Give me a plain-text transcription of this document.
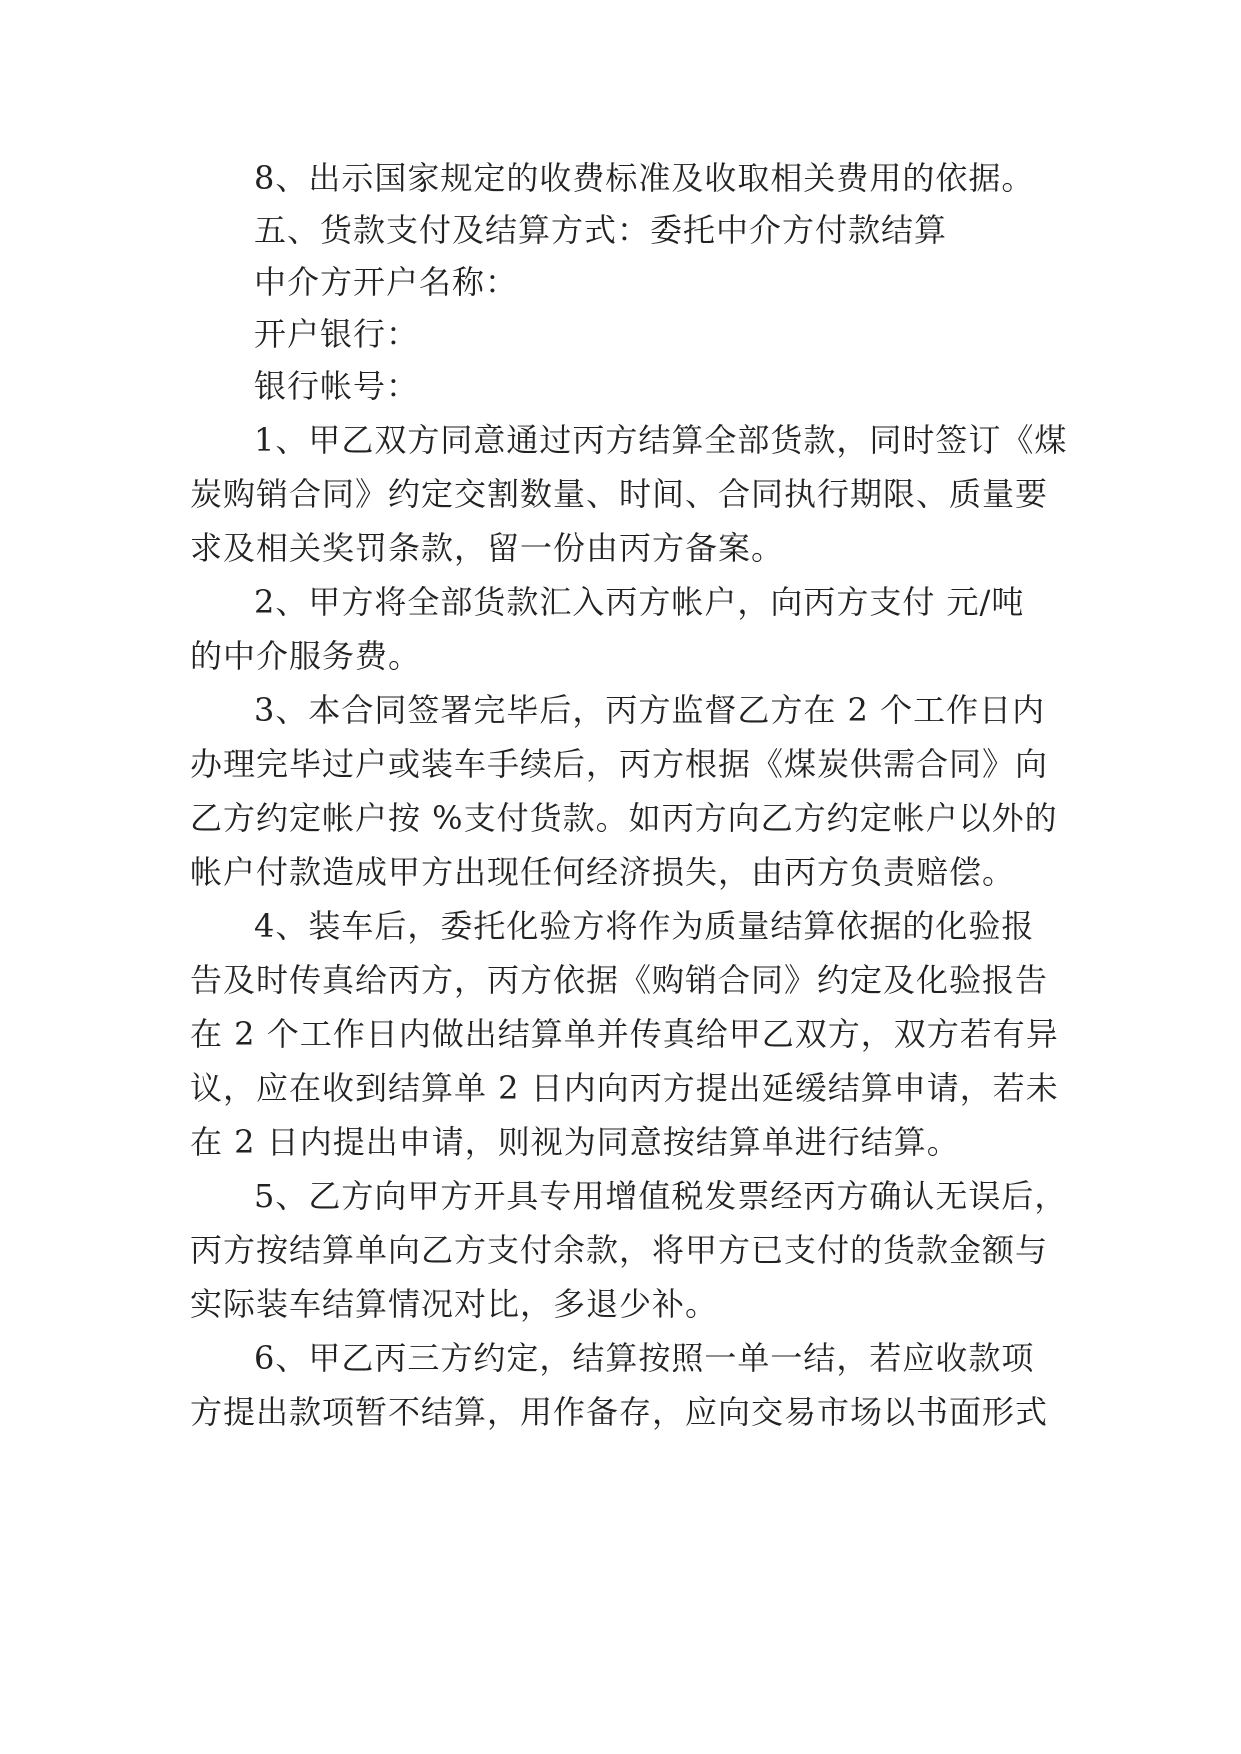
8、出示国家规定的收费标准及收取相关费用的依据。
五、货款支付及结算方式：委托中介方付款结算
中介方开户名称：
开户银行：
银行帐号：
1、甲乙双方同意通过丙方结算全部货款，同时签订《煤
炭购销合同》约定交割数量、时间、合同执行期限、质量要
求及相关奖罚条款，留一份由丙方备案。
2、甲方将全部货款汇入丙方帐户，向丙方支付 元/吨
的中介服务费。
3、本合同签署完毕后，丙方监督乙方在 2 个工作日内
办理完毕过户或装车手续后，丙方根据《煤炭供需合同》向
乙方约定帐户按 %支付货款。如丙方向乙方约定帐户以外的
帐户付款造成甲方出现任何经济损失，由丙方负责赔偿。
4、装车后，委托化验方将作为质量结算依据的化验报
告及时传真给丙方，丙方依据《购销合同》约定及化验报告
在 2 个工作日内做出结算单并传真给甲乙双方，双方若有异
议，应在收到结算单 2 日内向丙方提出延缓结算申请，若未
在 2 日内提出申请，则视为同意按结算单进行结算。
5、乙方向甲方开具专用增值税发票经丙方确认无误后，
丙方按结算单向乙方支付余款，将甲方已支付的货款金额与
实际装车结算情况对比，多退少补。
6、甲乙丙三方约定，结算按照一单一结，若应收款项
方提出款项暂不结算，用作备存，应向交易市场以书面形式
